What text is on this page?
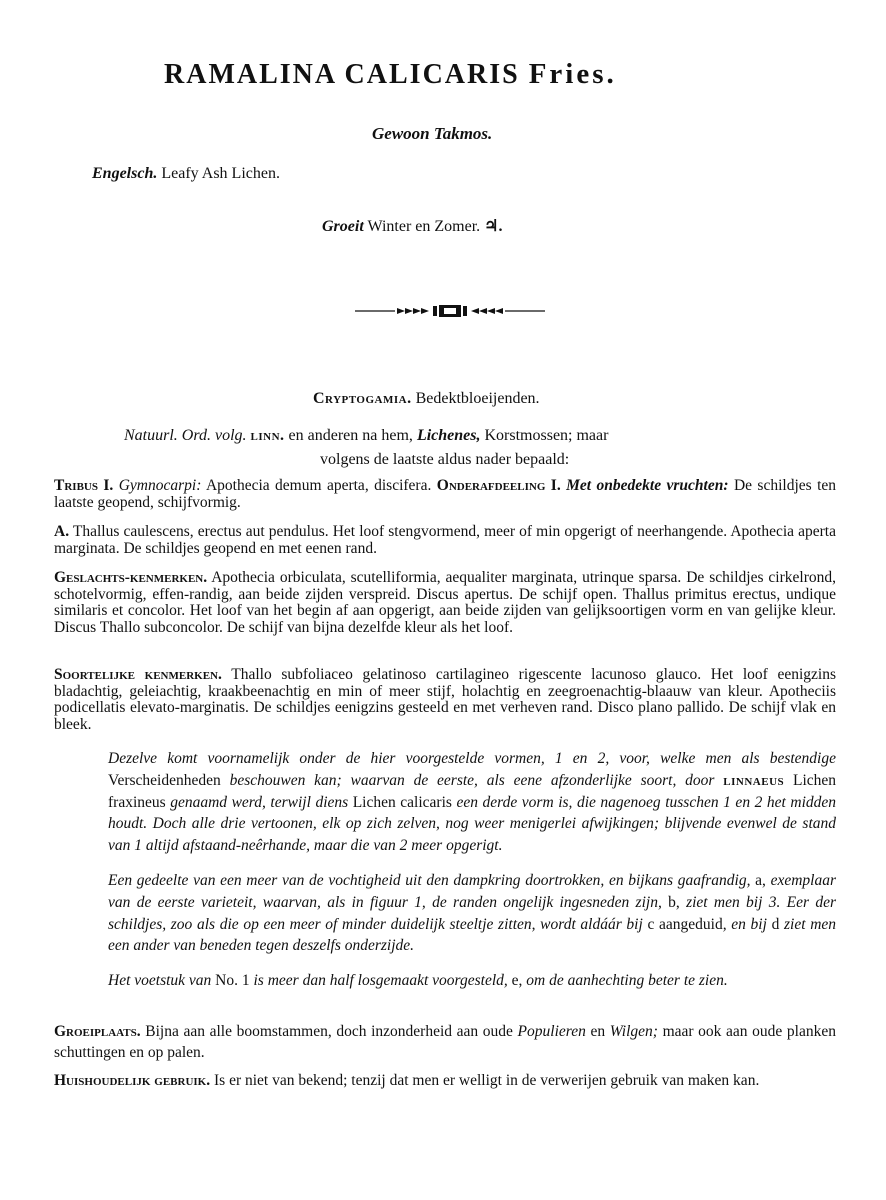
RAMALINA CALICARIS Fries.
Gewoon Takmos.
Engelsch. Leafy Ash Lichen.
Groeit Winter en Zomer. ♃.
Cryptogamia. Bedektbloeijenden.
Natuurl. Ord. volg. linn. en anderen na hem, Lichenes, Korstmossen; maar
volgens de laatste aldus nader bepaald:
Tribus I. Gymnocarpi: Apothecia demum aperta, discifera. Onderafdeeling I. Met onbedekte vruchten: De schildjes ten laatste geopend, schijfvormig.
A. Thallus caulescens, erectus aut pendulus. Het loof stengvormend, meer of min opgerigt of neerhangende. Apothecia aperta marginata. De schildjes geopend en met eenen rand.
Geslachts-kenmerken. Apothecia orbiculata, scutelliformia, aequaliter marginata, utrinque sparsa. De schildjes cirkelrond, schotelvormig, effen-randig, aan beide zijden verspreid. Discus apertus. De schijf open. Thallus primitus erectus, undique similaris et concolor. Het loof van het begin af aan opgerigt, aan beide zijden van gelijksoortigen vorm en van gelijke kleur. Discus Thallo subconcolor. De schijf van bijna dezelfde kleur als het loof.
Soortelijke kenmerken. Thallo subfoliaceo gelatinoso cartilagineo rigescente lacunoso glauco. Het loof eenigzins bladachtig, geleiachtig, kraakbeenachtig en min of meer stijf, holachtig en zeegroenachtig-blaauw van kleur. Apotheciis podicellatis elevato-marginatis. De schildjes eenigzins gesteeld en met verheven rand. Disco plano pallido. De schijf vlak en bleek.
Dezelve komt voornamelijk onder de hier voorgestelde vormen, 1 en 2, voor, welke men als bestendige Verscheidenheden beschouwen kan; waarvan de eerste, als eene afzonderlijke soort, door linnaeus Lichen fraxineus genaamd werd, terwijl diens Lichen calicaris een derde vorm is, die nagenoeg tusschen 1 en 2 het midden houdt. Doch alle drie vertoonen, elk op zich zelven, nog weer menigerlei afwijkingen; blijvende evenwel de stand van 1 altijd afstaand-neêrhande, maar die van 2 meer opgerigt.
Een gedeelte van een meer van de vochtigheid uit den dampkring doortrokken, en bijkans gaafrandig, a, exemplaar van de eerste varieteit, waarvan, als in figuur 1, de randen ongelijk ingesneden zijn, b, ziet men bij 3. Eer der schildjes, zoo als die op een meer of minder duidelijk steeltje zitten, wordt aldáár bij c aangeduid, en bij d ziet men een ander van beneden tegen deszelfs onderzijde.
Het voetstuk van No. 1 is meer dan half losgemaakt voorgesteld, e, om de aanhechting beter te zien.
Groeiplaats. Bijna aan alle boomstammen, doch inzonderheid aan oude Populieren en Wilgen; maar ook aan oude planken schuttingen en op palen.
Huishoudelijk gebruik. Is er niet van bekend; tenzij dat men er welligt in de verwerijen gebruik van maken kan.
